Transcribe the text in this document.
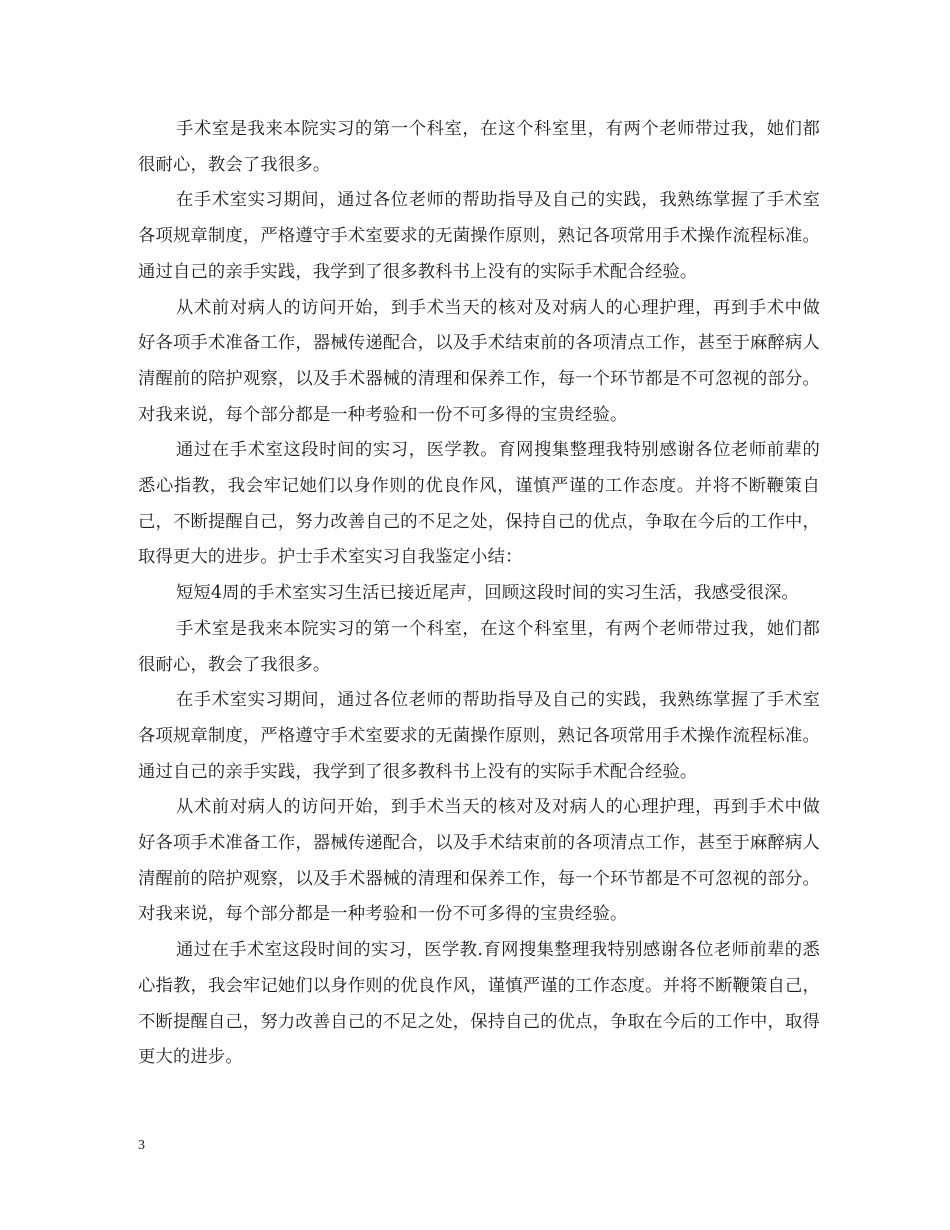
手术室是我来本院实习的第一个科室，在这个科室里，有两个老师带过我，她们都很耐心，教会了我很多。

在手术室实习期间，通过各位老师的帮助指导及自己的实践，我熟练掌握了手术室各项规章制度，严格遵守手术室要求的无菌操作原则，熟记各项常用手术操作流程标准。通过自己的亲手实践，我学到了很多教科书上没有的实际手术配合经验。

从术前对病人的访问开始，到手术当天的核对及对病人的心理护理，再到手术中做好各项手术准备工作，器械传递配合，以及手术结束前的各项清点工作，甚至于麻醉病人清醒前的陪护观察，以及手术器械的清理和保养工作，每一个环节都是不可忽视的部分。对我来说，每个部分都是一种考验和一份不可多得的宝贵经验。

通过在手术室这段时间的实习，医学教。育网搜集整理我特别感谢各位老师前辈的悉心指教，我会牢记她们以身作则的优良作风，谨慎严谨的工作态度。并将不断鞭策自己，不断提醒自己，努力改善自己的不足之处，保持自己的优点，争取在今后的工作中，取得更大的进步。护士手术室实习自我鉴定小结：

短短4周的手术室实习生活已接近尾声，回顾这段时间的实习生活，我感受很深。

手术室是我来本院实习的第一个科室，在这个科室里，有两个老师带过我，她们都很耐心，教会了我很多。

在手术室实习期间，通过各位老师的帮助指导及自己的实践，我熟练掌握了手术室各项规章制度，严格遵守手术室要求的无菌操作原则，熟记各项常用手术操作流程标准。通过自己的亲手实践，我学到了很多教科书上没有的实际手术配合经验。

从术前对病人的访问开始，到手术当天的核对及对病人的心理护理，再到手术中做好各项手术准备工作，器械传递配合，以及手术结束前的各项清点工作，甚至于麻醉病人清醒前的陪护观察，以及手术器械的清理和保养工作，每一个环节都是不可忽视的部分。对我来说，每个部分都是一种考验和一份不可多得的宝贵经验。

通过在手术室这段时间的实习，医学教.育网搜集整理我特别感谢各位老师前辈的悉心指教，我会牢记她们以身作则的优良作风，谨慎严谨的工作态度。并将不断鞭策自己，不断提醒自己，努力改善自己的不足之处，保持自己的优点，争取在今后的工作中，取得更大的进步。

3
